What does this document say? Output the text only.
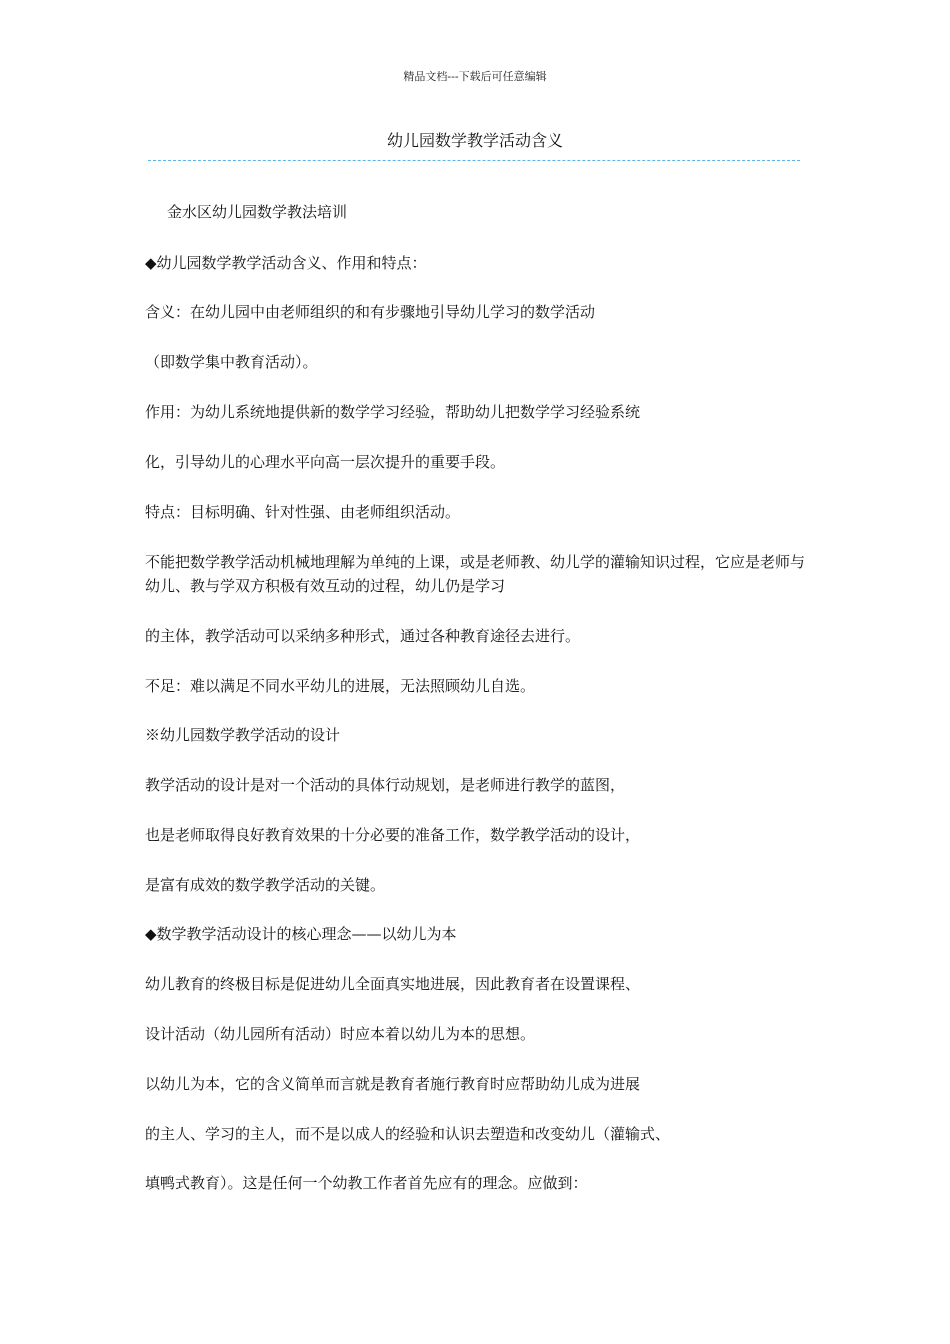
精品文档---下载后可任意编辑
幼儿园数学教学活动含义

金水区幼儿园数学教法培训

◆幼儿园数学教学活动含义、作用和特点：

含义：在幼儿园中由老师组织的和有步骤地引导幼儿学习的数学活动

（即数学集中教育活动）。

作用：为幼儿系统地提供新的数学学习经验，帮助幼儿把数学学习经验系统

化，引导幼儿的心理水平向高一层次提升的重要手段。

特点：目标明确、针对性强、由老师组织活动。

不能把数学教学活动机械地理解为单纯的上课，或是老师教、幼儿学的灌输知识过程，它应是老师与幼儿、教与学双方积极有效互动的过程，幼儿仍是学习

的主体，教学活动可以采纳多种形式，通过各种教育途径去进行。

不足：难以满足不同水平幼儿的进展，无法照顾幼儿自选。

※幼儿园数学教学活动的设计

教学活动的设计是对一个活动的具体行动规划，是老师进行教学的蓝图，

也是老师取得良好教育效果的十分必要的准备工作，数学教学活动的设计，

是富有成效的数学教学活动的关键。

◆数学教学活动设计的核心理念——以幼儿为本

幼儿教育的终极目标是促进幼儿全面真实地进展，因此教育者在设置课程、

设计活动（幼儿园所有活动）时应本着以幼儿为本的思想。

以幼儿为本，它的含义简单而言就是教育者施行教育时应帮助幼儿成为进展

的主人、学习的主人，而不是以成人的经验和认识去塑造和改变幼儿（灌输式、

填鸭式教育）。这是任何一个幼教工作者首先应有的理念。应做到：
